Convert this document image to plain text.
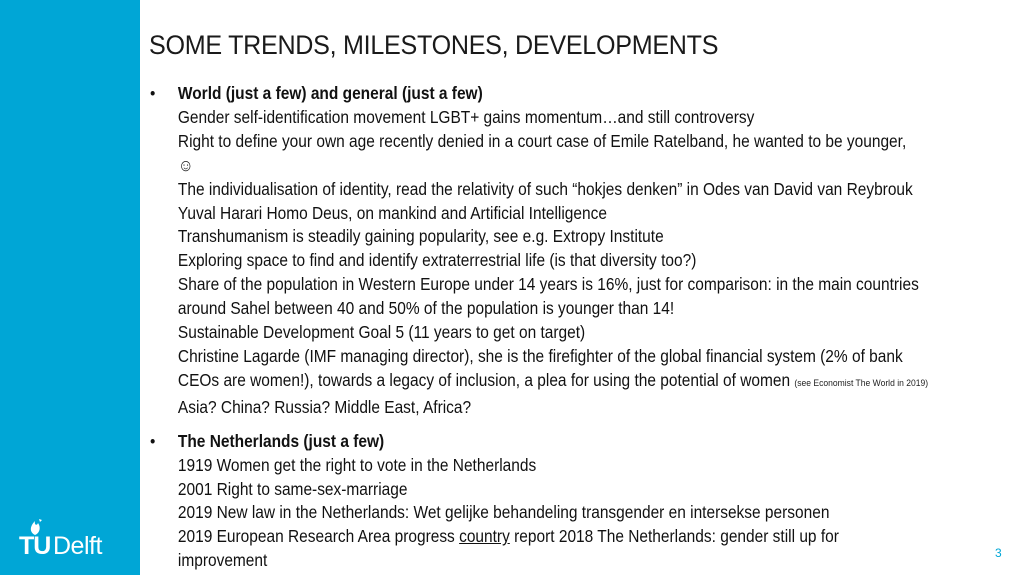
TU Delft
SOME TRENDS, MILESTONES, DEVELOPMENTS
• World (just a few) and general (just a few)
Gender self-identification movement LGBT+ gains momentum…and still controversy
Right to define your own age recently denied in a court case of Emile Ratelband, he wanted to be younger,
☺
The individualisation of identity, read the relativity of such “hokjes denken” in Odes van David van Reybrouk
Yuval Harari Homo Deus, on mankind and Artificial Intelligence
Transhumanism is steadily gaining popularity, see e.g. Extropy Institute
Exploring space to find and identify extraterrestrial life (is that diversity too?)
Share of the population in Western Europe under 14 years is 16%, just for comparison: in the main countries
around Sahel between 40 and 50% of the population is younger than 14!
Sustainable Development Goal 5 (11 years to get on target)
Christine Lagarde (IMF managing director), she is the firefighter of the global financial system (2% of bank
CEOs are women!), towards a legacy of inclusion, a plea for using the potential of women (see Economist The World in 2019)
Asia? China? Russia? Middle East, Africa?
• The Netherlands (just a few)
1919 Women get the right to vote in the Netherlands
2001 Right to same-sex-marriage
2019 New law in the Netherlands: Wet gelijke behandeling transgender en intersekse personen
2019 European Research Area progress country report 2018 The Netherlands: gender still up for
improvement	3
